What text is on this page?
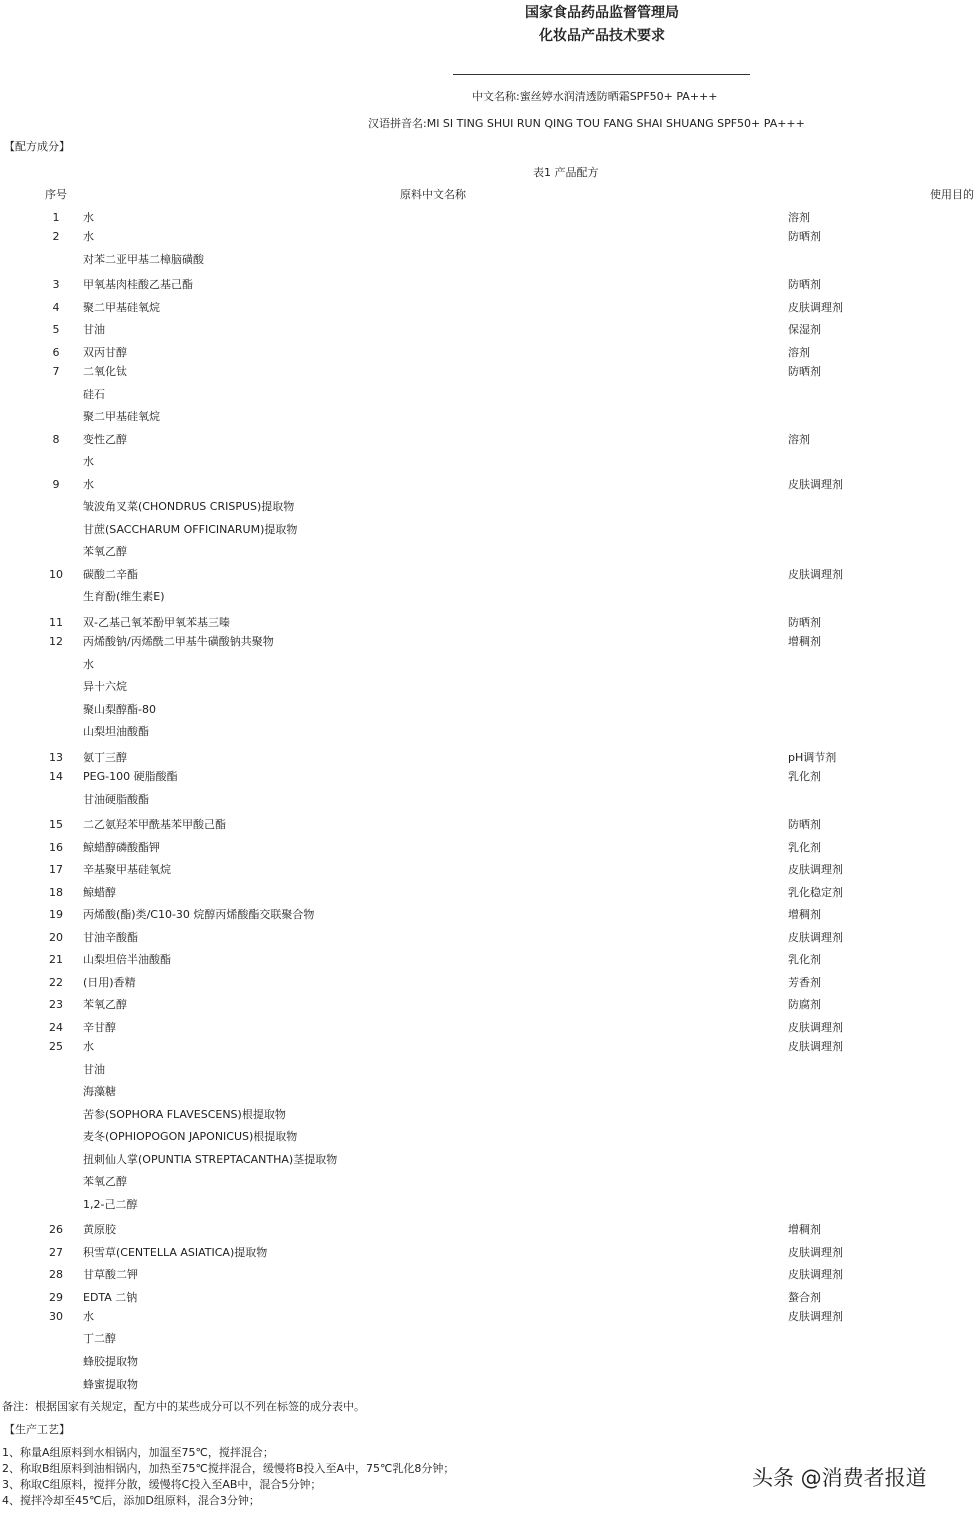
国家食品药品监督管理局
化妆品产品技术要求
中文名称:蜜丝婷水润清透防晒霜SPF50+ PA+++
汉语拼音名:MI SI TING SHUI RUN QING TOU FANG SHAI SHUANG SPF50+ PA+++
【配方成分】
表1 产品配方
序号	原料中文名称	使用目的
1	水	溶剂
2	水	防晒剂
对苯二亚甲基二樟脑磺酸
3	甲氧基肉桂酸乙基己酯	防晒剂
4	聚二甲基硅氧烷	皮肤调理剂
5	甘油	保湿剂
6	双丙甘醇	溶剂
7	二氧化钛	防晒剂
硅石
聚二甲基硅氧烷
8	变性乙醇	溶剂
水
9	水	皮肤调理剂
皱波角叉菜(CHONDRUS CRISPUS)提取物
甘蔗(SACCHARUM OFFICINARUM)提取物
苯氧乙醇
10	碳酸二辛酯	皮肤调理剂
生育酚(维生素E)
11	双-乙基己氧苯酚甲氧苯基三嗪	防晒剂
12	丙烯酸钠/丙烯酰二甲基牛磺酸钠共聚物	增稠剂
水
异十六烷
聚山梨醇酯-80
山梨坦油酸酯
13	氨丁三醇	pH调节剂
14	PEG-100 硬脂酸酯	乳化剂
甘油硬脂酸酯
15	二乙氨羟苯甲酰基苯甲酸己酯	防晒剂
16	鲸蜡醇磷酸酯钾	乳化剂
17	辛基聚甲基硅氧烷	皮肤调理剂
18	鲸蜡醇	乳化稳定剂
19	丙烯酸(酯)类/C10-30 烷醇丙烯酸酯交联聚合物	增稠剂
20	甘油辛酸酯	皮肤调理剂
21	山梨坦倍半油酸酯	乳化剂
22	(日用)香精	芳香剂
23	苯氧乙醇	防腐剂
24	辛甘醇	皮肤调理剂
25	水	皮肤调理剂
甘油
海藻糖
苦参(SOPHORA FLAVESCENS)根提取物
麦冬(OPHIOPOGON JAPONICUS)根提取物
扭刺仙人掌(OPUNTIA STREPTACANTHA)茎提取物
苯氧乙醇
1,2-己二醇
26	黄原胶	增稠剂
27	积雪草(CENTELLA ASIATICA)提取物	皮肤调理剂
28	甘草酸二钾	皮肤调理剂
29	EDTA 二钠	螯合剂
30	水	皮肤调理剂
丁二醇
蜂胶提取物
蜂蜜提取物
备注：根据国家有关规定，配方中的某些成分可以不列在标签的成分表中。
【生产工艺】
1、称量A组原料到水相锅内，加温至75℃，搅拌混合；
2、称取B组原料到油相锅内，加热至75℃搅拌混合，缓慢将B投入至A中，75℃乳化8分钟；
3、称取C组原料，搅拌分散，缓慢将C投入至AB中，混合5分钟；
4、搅拌冷却至45℃后，添加D组原料，混合3分钟；
头条 @消费者报道
